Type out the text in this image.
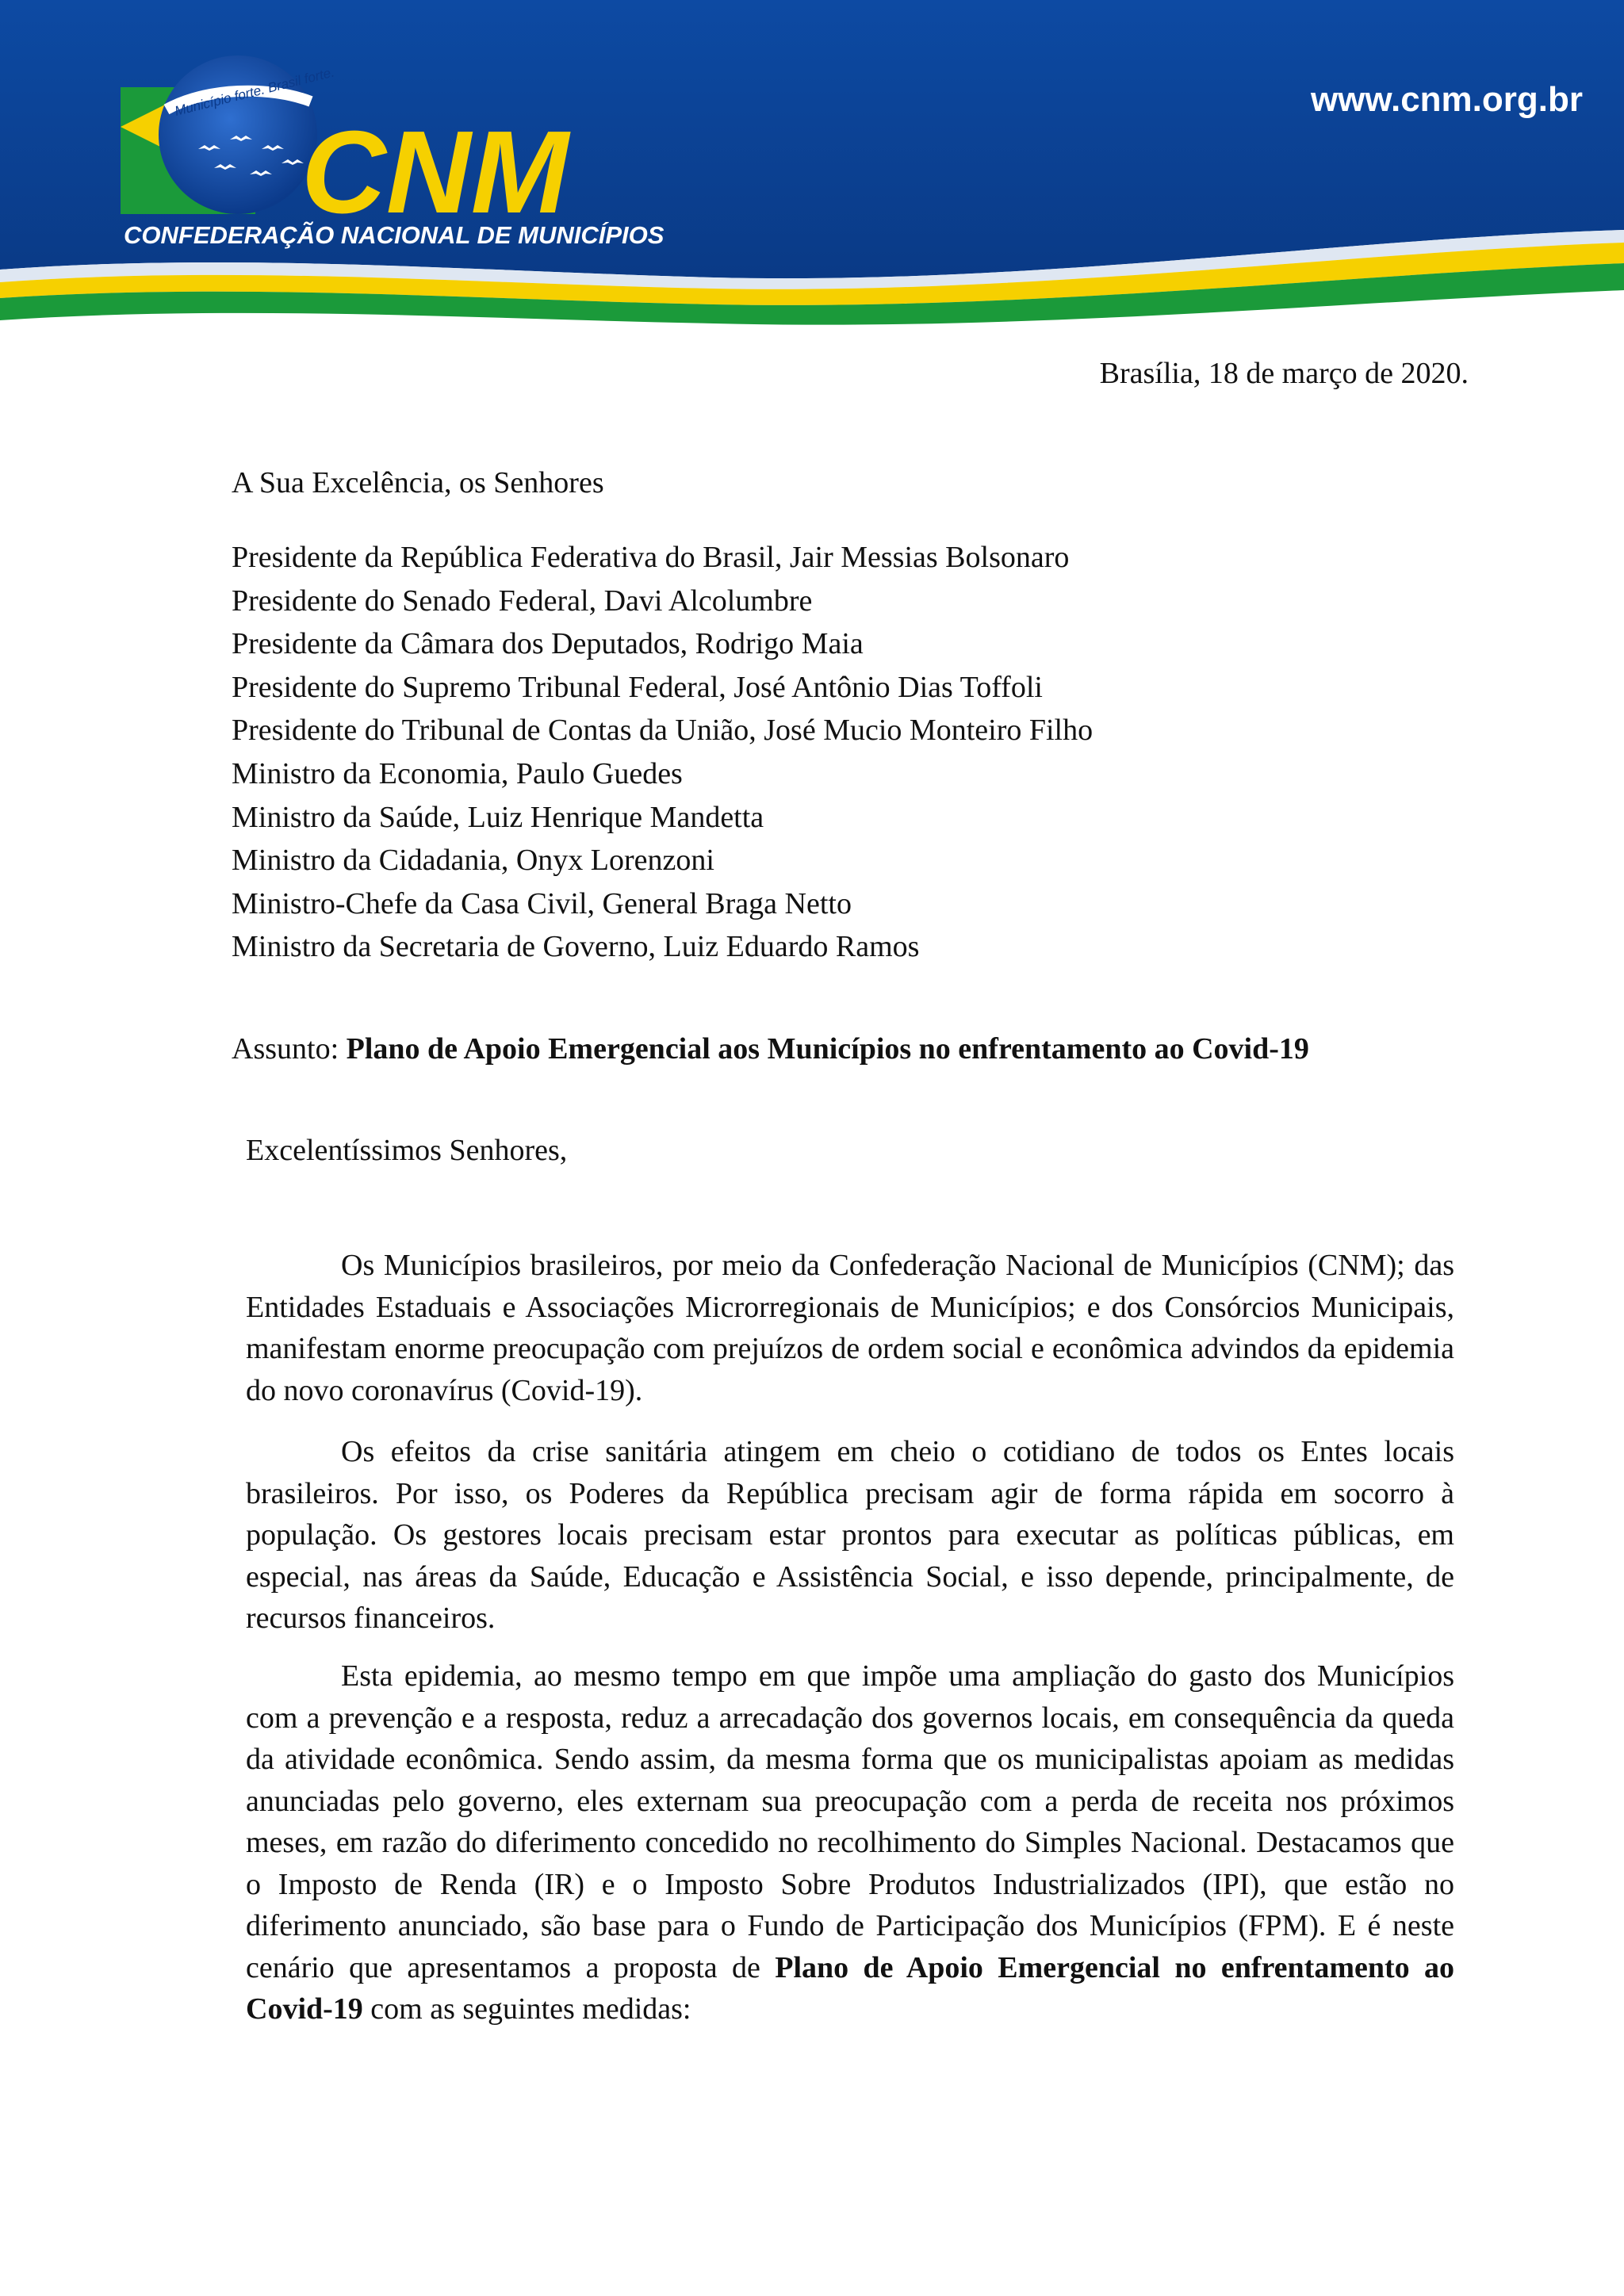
Município forte. Brasil forte.
CNM
CONFEDERAÇÃO NACIONAL DE MUNICÍPIOS
www.cnm.org.br
Brasília, 18 de março de 2020.
A Sua Excelência, os Senhores
Presidente da República Federativa do Brasil, Jair Messias Bolsonaro
Presidente do Senado Federal, Davi Alcolumbre
Presidente da Câmara dos Deputados, Rodrigo Maia
Presidente do Supremo Tribunal Federal, José Antônio Dias Toffoli
Presidente do Tribunal de Contas da União, José Mucio Monteiro Filho
Ministro da Economia, Paulo Guedes
Ministro da Saúde, Luiz Henrique Mandetta
Ministro da Cidadania, Onyx Lorenzoni
Ministro-Chefe da Casa Civil, General Braga Netto
Ministro da Secretaria de Governo, Luiz Eduardo Ramos
Assunto: Plano de Apoio Emergencial aos Municípios no enfrentamento ao Covid-19
Excelentíssimos Senhores,

Os Municípios brasileiros, por meio da Confederação Nacional de Municípios (CNM); das Entidades Estaduais e Associações Microrregionais de Municípios; e dos Consórcios Municipais, manifestam enorme preocupação com prejuízos de ordem social e econômica advindos da epidemia do novo coronavírus (Covid-19).

Os efeitos da crise sanitária atingem em cheio o cotidiano de todos os Entes locais brasileiros. Por isso, os Poderes da República precisam agir de forma rápida em socorro à população. Os gestores locais precisam estar prontos para executar as políticas públicas, em especial, nas áreas da Saúde, Educação e Assistência Social, e isso depende, principalmente, de recursos financeiros.

Esta epidemia, ao mesmo tempo em que impõe uma ampliação do gasto dos Municípios com a prevenção e a resposta, reduz a arrecadação dos governos locais, em consequência da queda da atividade econômica. Sendo assim, da mesma forma que os municipalistas apoiam as medidas anunciadas pelo governo, eles externam sua preocupação com a perda de receita nos próximos meses, em razão do diferimento concedido no recolhimento do Simples Nacional. Destacamos que o Imposto de Renda (IR) e o Imposto Sobre Produtos Industrializados (IPI), que estão no diferimento anunciado, são base para o Fundo de Participação dos Municípios (FPM). E é neste cenário que apresentamos a proposta de Plano de Apoio Emergencial no enfrentamento ao Covid-19 com as seguintes medidas:
